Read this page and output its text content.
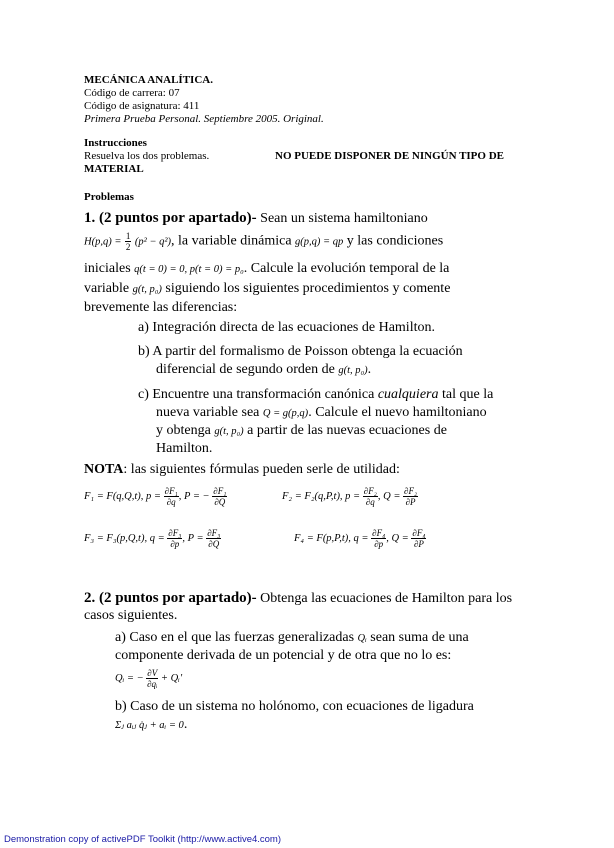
MECÁNICA ANALÍTICA.
Código de carrera: 07
Código de asignatura: 411
Primera Prueba Personal. Septiembre 2005. Original.
Instrucciones
Resuelva los dos problemas.	NO PUEDE DISPONER DE NINGÚN TIPO DE
MATERIAL
Problemas
1. (2 puntos por apartado)- Sean un sistema hamiltoniano
$H(p,q) = \frac{1}{2} (p^2 - q^2)$, la variable dinámica g(p,q) = qp y las condiciones
iniciales q(t = 0) = 0, p(t = 0) = p₀. Calcule la evolución temporal de la
variable g(t, p₀) siguiendo los siguientes procedimientos y comente
brevemente las diferencias:
a) Integración directa de las ecuaciones de Hamilton.
b) A partir del formalismo de Poisson obtenga la ecuación
diferencial de segundo orden de g(t, p₀).
c) Encuentre una transformación canónica cualquiera tal que la
nueva variable sea Q = g(p,q). Calcule el nuevo hamiltoniano
y obtenga g(t, p₀) a partir de las nuevas ecuaciones de
Hamilton.
NOTA: las siguientes fórmulas pueden serle de utilidad:
F₁ = F(q,Q,t), $p = \frac{\text{∂F₁}}{\partial q}$ , P = − $\frac{\text{∂F₁}}{\partial Q}$	F₂ = F₂(q,P,t), $p = \frac{\text{∂F₂}}{\partial q}$ , $Q = \frac{\text{∂F₂}}{\partial P}$
F₃ = F₃(p,Q,t), $q = \frac{\text{∂F₃}}{\partial p}$ , $P = \frac{\text{∂F₃}}{\partial Q}$	F₄ = F(p,P,t), $q = \frac{\text{∂F₄}}{\partial p}$ , $Q = \frac{\text{∂F₄}}{\partial P}$
2. (2 puntos por apartado)- Obtenga las ecuaciones de Hamilton para los
casos siguientes.
a) Caso en el que las fuerzas generalizadas Qᵢ sean suma de una
componente derivada de un potencial y de otra que no lo es:
Qᵢ = − $\frac{\partial V}{\text{∂qᵢ}}$ + Qᵢ′
b) Caso de un sistema no holónomo, con ecuaciones de ligadura
Σⱼ aᵢⱼ q̇ⱼ + aᵢ = 0.
Demonstration copy of activePDF Toolkit (http://www.active4.com)
